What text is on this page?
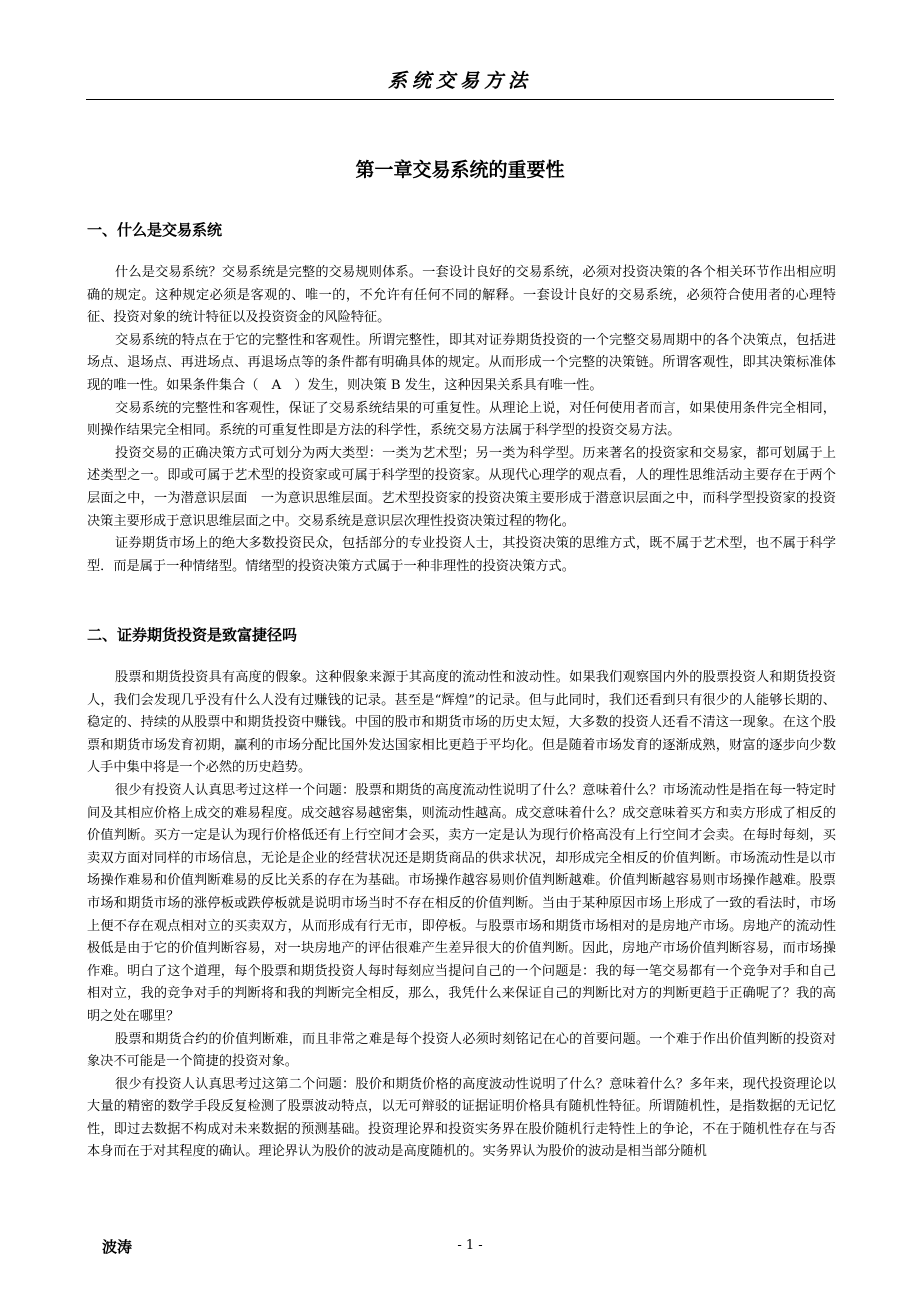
系统交易方法
第一章交易系统的重要性
一、什么是交易系统

什么是交易系统？交易系统是完整的交易规则体系。一套设计良好的交易系统，必须对投资决策的各个相关环节作出相应明确的规定。这种规定必须是客观的、唯一的，不允许有任何不同的解释。一套设计良好的交易系统，必须符合使用者的心理特征、投资对象的统计特征以及投资资金的风险特征。

交易系统的特点在于它的完整性和客观性。所谓完整性，即其对证券期货投资的一个完整交易周期中的各个决策点，包括进场点、退场点、再进场点、再退场点等的条件都有明确具体的规定。从而形成一个完整的决策链。所谓客观性，即其决策标准体现的唯一性。如果条件集合（　A　）发生，则决策 B 发生，这种因果关系具有唯一性。

交易系统的完整性和客观性，保证了交易系统结果的可重复性。从理论上说，对任何使用者而言，如果使用条件完全相同，则操作结果完全相同。系统的可重复性即是方法的科学性，系统交易方法属于科学型的投资交易方法。

投资交易的正确决策方式可划分为两大类型：一类为艺术型；另一类为科学型。历来著名的投资家和交易家，都可划属于上述类型之一。即或可属于艺术型的投资家或可属于科学型的投资家。从现代心理学的观点看，人的理性思维活动主要存在于两个层面之中，一为潜意识层面　一为意识思维层面。艺术型投资家的投资决策主要形成于潜意识层面之中，而科学型投资家的投资决策主要形成于意识思维层面之中。交易系统是意识层次理性投资决策过程的物化。

证券期货市场上的绝大多数投资民众，包括部分的专业投资人士，其投资决策的思维方式，既不属于艺术型，也不属于科学型．而是属于一种情绪型。情绪型的投资决策方式属于一种非理性的投资决策方式。

二、证券期货投资是致富捷径吗

股票和期货投资具有高度的假象。这种假象来源于其高度的流动性和波动性。如果我们观察国内外的股票投资人和期货投资人，我们会发现几乎没有什么人没有过赚钱的记录。甚至是“辉煌”的记录。但与此同时，我们还看到只有很少的人能够长期的、稳定的、持续的从股票中和期货投资中赚钱。中国的股市和期货市场的历史太短，大多数的投资人还看不清这一现象。在这个股票和期货市场发育初期，赢利的市场分配比国外发达国家相比更趋于平均化。但是随着市场发育的逐渐成熟，财富的逐步向少数人手中集中将是一个必然的历史趋势。

很少有投资人认真思考过这样一个问题：股票和期货的高度流动性说明了什么？意味着什么？市场流动性是指在每一特定时间及其相应价格上成交的难易程度。成交越容易越密集，则流动性越高。成交意味着什么？成交意味着买方和卖方形成了相反的价值判断。买方一定是认为现行价格低还有上行空间才会买，卖方一定是认为现行价格高没有上行空间才会卖。在每时每刻，买卖双方面对同样的市场信息，无论是企业的经营状况还是期货商品的供求状况，却形成完全相反的价值判断。市场流动性是以市场操作难易和价值判断难易的反比关系的存在为基础。市场操作越容易则价值判断越难。价值判断越容易则市场操作越难。股票市场和期货市场的涨停板或跌停板就是说明市场当时不存在相反的价值判断。当由于某种原因市场上形成了一致的看法时，市场上便不存在观点相对立的买卖双方，从而形成有行无市，即停板。与股票市场和期货市场相对的是房地产市场。房地产的流动性极低是由于它的价值判断容易，对一块房地产的评估很难产生差异很大的价值判断。因此，房地产市场价值判断容易，而市场操作难。明白了这个道理，每个股票和期货投资人每时每刻应当提问自己的一个问题是：我的每一笔交易都有一个竞争对手和自己相对立，我的竞争对手的判断将和我的判断完全相反，那么，我凭什么来保证自己的判断比对方的判断更趋于正确呢了？我的高明之处在哪里？

股票和期货合约的价值判断难，而且非常之难是每个投资人必须时刻铭记在心的首要问题。一个难于作出价值判断的投资对象决不可能是一个简捷的投资对象。

很少有投资人认真思考过这第二个问题：股价和期货价格的高度波动性说明了什么？意味着什么？多年来，现代投资理论以大量的精密的数学手段反复检测了股票波动特点，以无可辩驳的证据证明价格具有随机性特征。所谓随机性，是指数据的无记忆性，即过去数据不构成对未来数据的预测基础。投资理论界和投资实务界在股价随机行走特性上的争论，不在于随机性存在与否本身而在于对其程度的确认。理论界认为股价的波动是高度随机的。实务界认为股价的波动是相当部分随机

波涛	- 1 -
